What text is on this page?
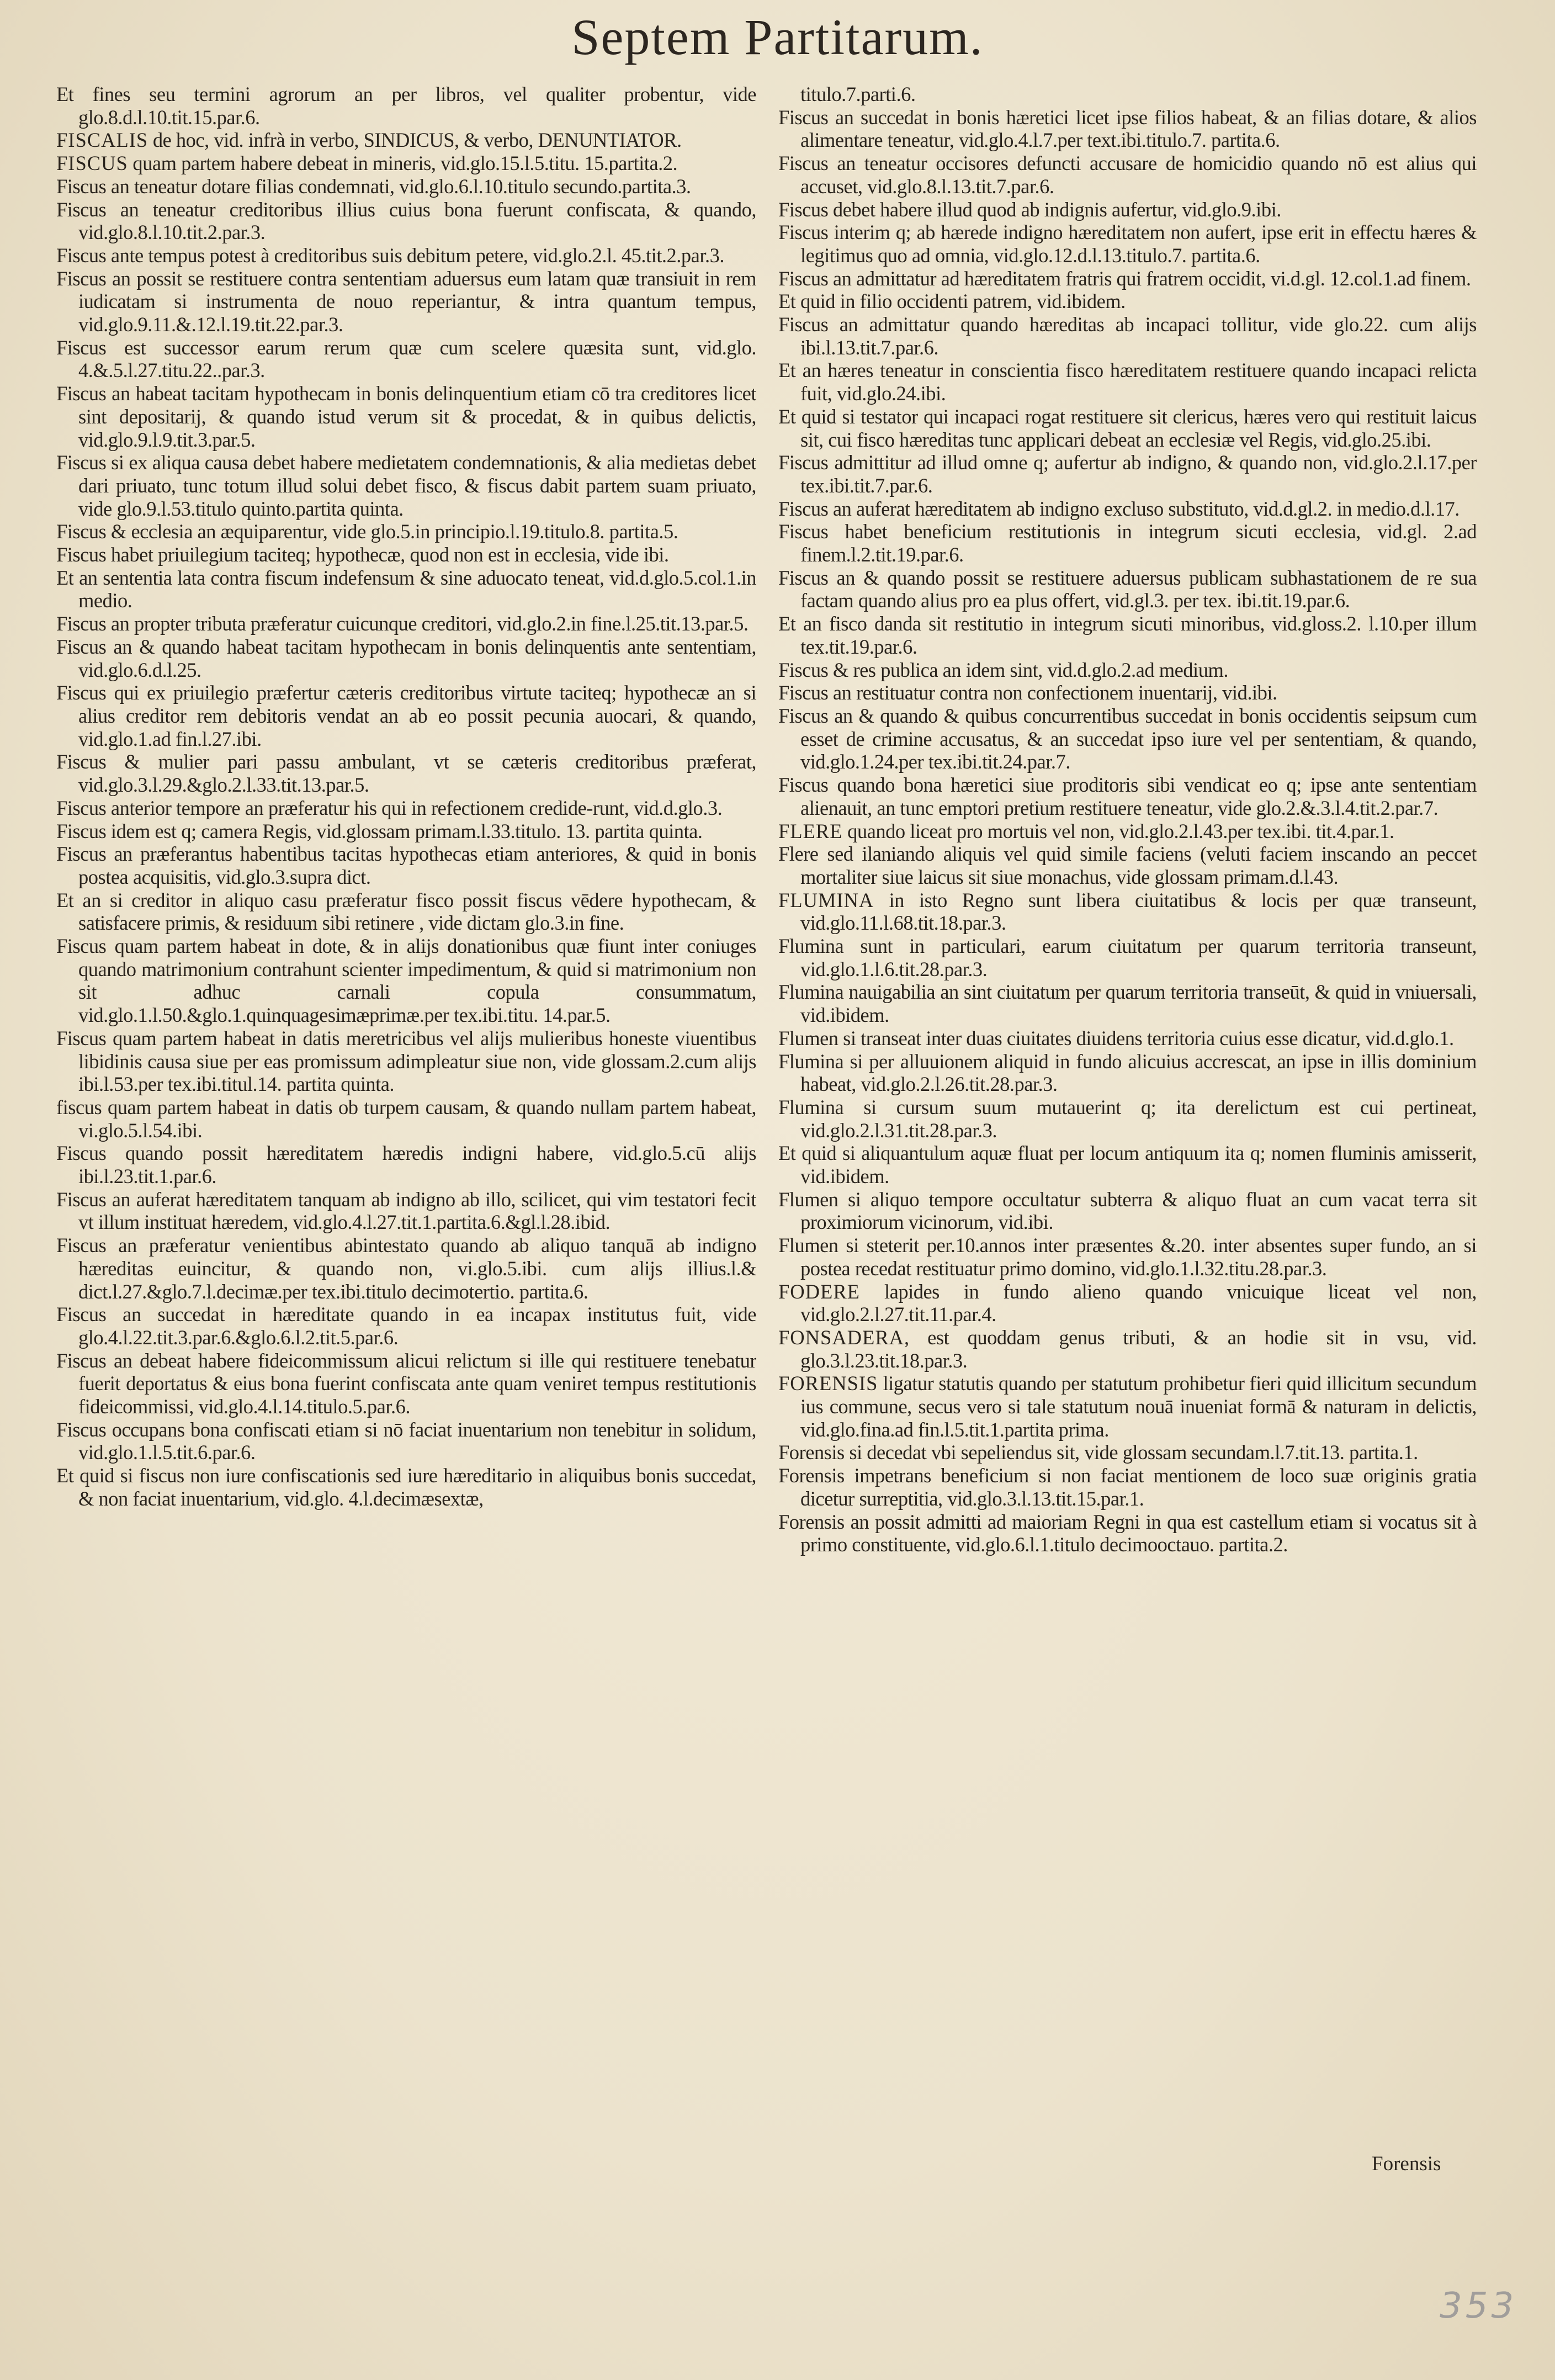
Septem Partitarum.

Et fines seu termini agrorum an per libros, vel qualiter probentur, vide glo.8.d.l.10.tit.15.par.6.

FISCALIS de hoc, vid. infrà in verbo, SINDICUS, & verbo, DENUNTIATOR.

FISCUS quam partem habere debeat in mineris, vid.glo.15.l.5.titu. 15.partita.2.

Fiscus an teneatur dotare filias condemnati, vid.glo.6.l.10.titulo secundo.partita.3.

Fiscus an teneatur creditoribus illius cuius bona fuerunt confiscata, & quando, vid.glo.8.l.10.tit.2.par.3.

Fiscus ante tempus potest à creditoribus suis debitum petere, vid.glo.2.l. 45.tit.2.par.3.

Fiscus an possit se restituere contra sententiam aduersus eum latam quæ transiuit in rem iudicatam si instrumenta de nouo reperiantur, & intra quantum tempus, vid.glo.9.11.&.12.l.19.tit.22.par.3.

Fiscus est successor earum rerum quæ cum scelere quæsita sunt, vid.glo. 4.&.5.l.27.titu.22..par.3.

Fiscus an habeat tacitam hypothecam in bonis delinquentium etiam cō tra creditores licet sint depositarij, & quando istud verum sit & procedat, & in quibus delictis, vid.glo.9.l.9.tit.3.par.5.

Fiscus si ex aliqua causa debet habere medietatem condemnationis, & alia medietas debet dari priuato, tunc totum illud solui debet fisco, & fiscus dabit partem suam priuato, vide glo.9.l.53.titulo quinto.partita quinta.

Fiscus & ecclesia an æquiparentur, vide glo.5.in principio.l.19.titulo.8. partita.5.

Fiscus habet priuilegium taciteq; hypothecæ, quod non est in ecclesia, vide ibi.

Et an sententia lata contra fiscum indefensum & sine aduocato teneat, vid.d.glo.5.col.1.in medio.

Fiscus an propter tributa præferatur cuicunque creditori, vid.glo.2.in fine.l.25.tit.13.par.5.

Fiscus an & quando habeat tacitam hypothecam in bonis delinquentis ante sententiam, vid.glo.6.d.l.25.

Fiscus qui ex priuilegio præfertur cæteris creditoribus virtute taciteq; hypothecæ an si alius creditor rem debitoris vendat an ab eo possit pecunia auocari, & quando, vid.glo.1.ad fin.l.27.ibi.

Fiscus & mulier pari passu ambulant, vt se cæteris creditoribus præferat, vid.glo.3.l.29.&glo.2.l.33.tit.13.par.5.

Fiscus anterior tempore an præferatur his qui in refectionem credide-runt, vid.d.glo.3.

Fiscus idem est q; camera Regis, vid.glossam primam.l.33.titulo. 13. partita quinta.

Fiscus an præferantus habentibus tacitas hypothecas etiam anteriores, & quid in bonis postea acquisitis, vid.glo.3.supra dict.

Et an si creditor in aliquo casu præferatur fisco possit fiscus vēdere hypothecam, & satisfacere primis, & residuum sibi retinere , vide dictam glo.3.in fine.

Fiscus quam partem habeat in dote, & in alijs donationibus quæ fiunt inter coniuges quando matrimonium contrahunt scienter impedimentum, & quid si matrimonium non sit adhuc carnali copula consummatum, vid.glo.1.l.50.&glo.1.quinquagesimæprimæ.per tex.ibi.titu. 14.par.5.

Fiscus quam partem habeat in datis meretricibus vel alijs mulieribus honeste viuentibus libidinis causa siue per eas promissum adimpleatur siue non, vide glossam.2.cum alijs ibi.l.53.per tex.ibi.titul.14. partita quinta.

fiscus quam partem habeat in datis ob turpem causam, & quando nullam partem habeat, vi.glo.5.l.54.ibi.

Fiscus quando possit hæreditatem hæredis indigni habere, vid.glo.5.cū alijs ibi.l.23.tit.1.par.6.

Fiscus an auferat hæreditatem tanquam ab indigno ab illo, scilicet, qui vim testatori fecit vt illum instituat hæredem, vid.glo.4.l.27.tit.1.partita.6.&gl.l.28.ibid.

Fiscus an præferatur venientibus abintestato quando ab aliquo tanquā ab indigno hæreditas euincitur, & quando non, vi.glo.5.ibi. cum alijs illius.l.& dict.l.27.&glo.7.l.decimæ.per tex.ibi.titulo decimotertio. partita.6.

Fiscus an succedat in hæreditate quando in ea incapax institutus fuit, vide glo.4.l.22.tit.3.par.6.&glo.6.l.2.tit.5.par.6.

Fiscus an debeat habere fideicommissum alicui relictum si ille qui restituere tenebatur fuerit deportatus & eius bona fuerint confiscata ante quam veniret tempus restitutionis fideicommissi, vid.glo.4.l.14.titulo.5.par.6.

Fiscus occupans bona confiscati etiam si nō faciat inuentarium non tenebitur in solidum, vid.glo.1.l.5.tit.6.par.6.

Et quid si fiscus non iure confiscationis sed iure hæreditario in aliquibus bonis succedat, & non faciat inuentarium, vid.glo. 4.l.decimæsextæ,

titulo.7.parti.6.

Fiscus an succedat in bonis hæretici licet ipse filios habeat, & an filias dotare, & alios alimentare teneatur, vid.glo.4.l.7.per text.ibi.titulo.7. partita.6.

Fiscus an teneatur occisores defuncti accusare de homicidio quando nō est alius qui accuset, vid.glo.8.l.13.tit.7.par.6.

Fiscus debet habere illud quod ab indignis aufertur, vid.glo.9.ibi.

Fiscus interim q; ab hærede indigno hæreditatem non aufert, ipse erit in effectu hæres & legitimus quo ad omnia, vid.glo.12.d.l.13.titulo.7. partita.6.

Fiscus an admittatur ad hæreditatem fratris qui fratrem occidit, vi.d.gl. 12.col.1.ad finem.

Et quid in filio occidenti patrem, vid.ibidem.

Fiscus an admittatur quando hæreditas ab incapaci tollitur, vide glo.22. cum alijs ibi.l.13.tit.7.par.6.

Et an hæres teneatur in conscientia fisco hæreditatem restituere quando incapaci relicta fuit, vid.glo.24.ibi.

Et quid si testator qui incapaci rogat restituere sit clericus, hæres vero qui restituit laicus sit, cui fisco hæreditas tunc applicari debeat an ecclesiæ vel Regis, vid.glo.25.ibi.

Fiscus admittitur ad illud omne q; aufertur ab indigno, & quando non, vid.glo.2.l.17.per tex.ibi.tit.7.par.6.

Fiscus an auferat hæreditatem ab indigno excluso substituto, vid.d.gl.2. in medio.d.l.17.

Fiscus habet beneficium restitutionis in integrum sicuti ecclesia, vid.gl. 2.ad finem.l.2.tit.19.par.6.

Fiscus an & quando possit se restituere aduersus publicam subhastationem de re sua factam quando alius pro ea plus offert, vid.gl.3. per tex. ibi.tit.19.par.6.

Et an fisco danda sit restitutio in integrum sicuti minoribus, vid.gloss.2. l.10.per illum tex.tit.19.par.6.

Fiscus & res publica an idem sint, vid.d.glo.2.ad medium.

Fiscus an restituatur contra non confectionem inuentarij, vid.ibi.

Fiscus an & quando & quibus concurrentibus succedat in bonis occidentis seipsum cum esset de crimine accusatus, & an succedat ipso iure vel per sententiam, & quando, vid.glo.1.24.per tex.ibi.tit.24.par.7.

Fiscus quando bona hæretici siue proditoris sibi vendicat eo q; ipse ante sententiam alienauit, an tunc emptori pretium restituere teneatur, vide glo.2.&.3.l.4.tit.2.par.7.

FLERE quando liceat pro mortuis vel non, vid.glo.2.l.43.per tex.ibi. tit.4.par.1.

Flere sed ilaniando aliquis vel quid simile faciens (veluti faciem inscando an peccet mortaliter siue laicus sit siue monachus, vide glossam primam.d.l.43.

FLUMINA in isto Regno sunt libera ciuitatibus & locis per quæ transeunt, vid.glo.11.l.68.tit.18.par.3.

Flumina sunt in particulari, earum ciuitatum per quarum territoria transeunt, vid.glo.1.l.6.tit.28.par.3.

Flumina nauigabilia an sint ciuitatum per quarum territoria transeūt, & quid in vniuersali, vid.ibidem.

Flumen si transeat inter duas ciuitates diuidens territoria cuius esse dicatur, vid.d.glo.1.

Flumina si per alluuionem aliquid in fundo alicuius accrescat, an ipse in illis dominium habeat, vid.glo.2.l.26.tit.28.par.3.

Flumina si cursum suum mutauerint q; ita derelictum est cui pertineat, vid.glo.2.l.31.tit.28.par.3.

Et quid si aliquantulum aquæ fluat per locum antiquum ita q; nomen fluminis amisserit, vid.ibidem.

Flumen si aliquo tempore occultatur subterra & aliquo fluat an cum vacat terra sit proximiorum vicinorum, vid.ibi.

Flumen si steterit per.10.annos inter præsentes &.20. inter absentes super fundo, an si postea recedat restituatur primo domino, vid.glo.1.l.32.titu.28.par.3.

FODERE lapides in fundo alieno quando vnicuique liceat vel non, vid.glo.2.l.27.tit.11.par.4.

FONSADERA, est quoddam genus tributi, & an hodie sit in vsu, vid. glo.3.l.23.tit.18.par.3.

FORENSIS ligatur statutis quando per statutum prohibetur fieri quid illicitum secundum ius commune, secus vero si tale statutum nouā inueniat formā & naturam in delictis, vid.glo.fina.ad fin.l.5.tit.1.partita prima.

Forensis si decedat vbi sepeliendus sit, vide glossam secundam.l.7.tit.13. partita.1.

Forensis impetrans beneficium si non faciat mentionem de loco suæ originis gratia dicetur surreptitia, vid.glo.3.l.13.tit.15.par.1.

Forensis an possit admitti ad maioriam Regni in qua est castellum etiam si vocatus sit à primo constituente, vid.glo.6.l.1.titulo decimooctauo. partita.2.

Forensis
353
